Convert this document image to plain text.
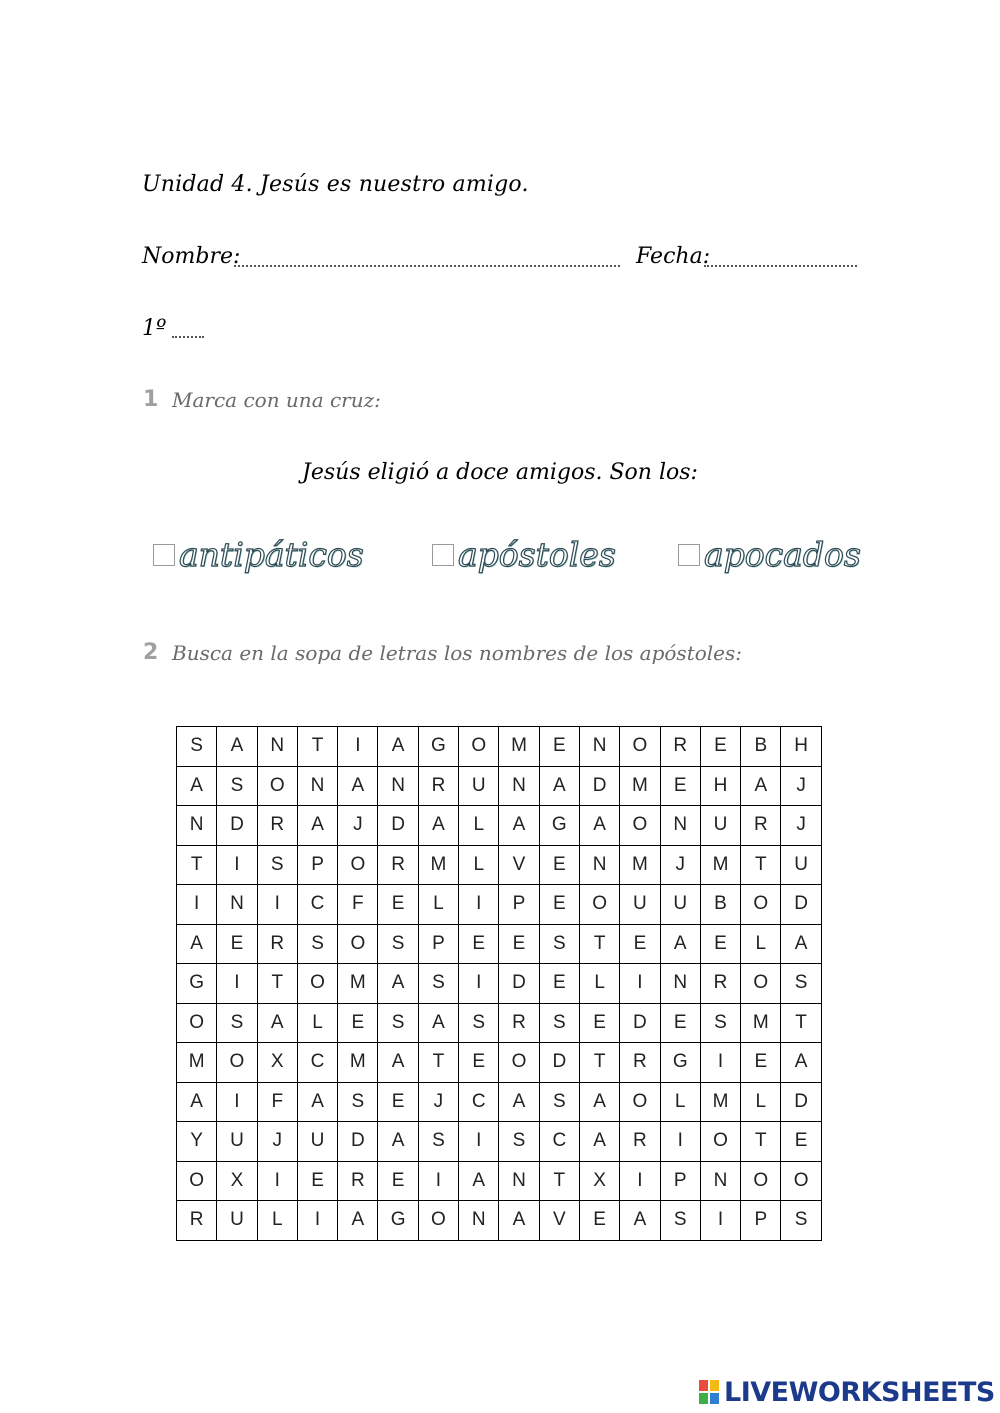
Unidad 4. Jesús es nuestro amigo.
Nombre:	Fecha:
1º
1 Marca con una cruz:
Jesús eligió a doce amigos. Son los:
antipáticos	apóstoles	apocados
2 Busca en la sopa de letras los nombres de los apóstoles:
S	A	N	T	I	A	G	O	M	E	N	O	R	E	B	H
A	S	O	N	A	N	R	U	N	A	D	M	E	H	A	J
N	D	R	A	J	D	A	L	A	G	A	O	N	U	R	J
T	I	S	P	O	R	M	L	V	E	N	M	J	M	T	U
I	N	I	C	F	E	L	I	P	E	O	U	U	B	O	D
A	E	R	S	O	S	P	E	E	S	T	E	A	E	L	A
G	I	T	O	M	A	S	I	D	E	L	I	N	R	O	S
O	S	A	L	E	S	A	S	R	S	E	D	E	S	M	T
M	O	X	C	M	A	T	E	O	D	T	R	G	I	E	A
A	I	F	A	S	E	J	C	A	S	A	O	L	M	L	D
Y	U	J	U	D	A	S	I	S	C	A	R	I	O	T	E
O	X	I	E	R	E	I	A	N	T	X	I	P	N	O	O
R	U	L	I	A	G	O	N	A	V	E	A	S	I	P	S
LIVEWORKSHEETS
